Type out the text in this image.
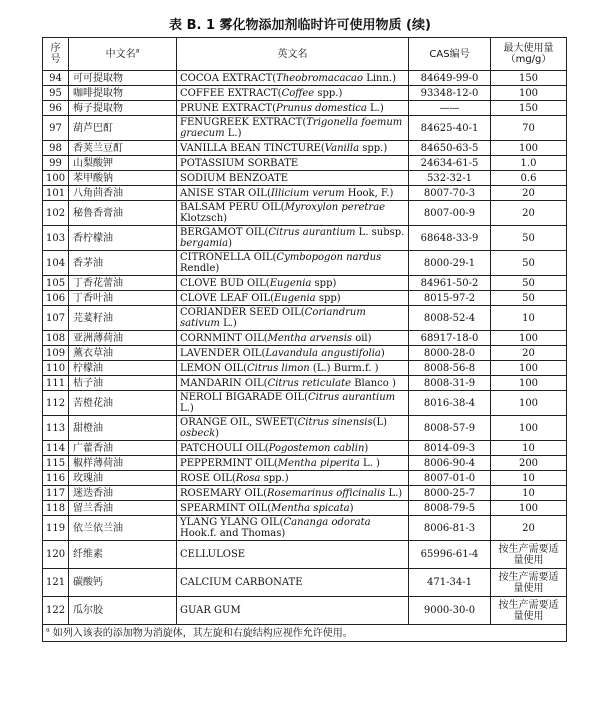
表 B. 1 雾化物添加剂临时许可使用物质 (续)
序号	中文名$^a$	英文名	CAS编号	最大使用量
（mg/g）
94	可可提取物	COCOA EXTRACT(Theobromacacao Linn.)	84649-99-0	150
95	咖啡提取物	COFFEE EXTRACT(Coffee spp.)	93348-12-0	100
96	梅子提取物	PRUNE EXTRACT(Prunus domestica L.)	——	150
97	葫芦巴酊	FENUGREEK EXTRACT(Trigonella foemum graecum L.)	84625-40-1	70
98	香荚兰豆酊	VANILLA BEAN TINCTURE(Vanilla spp.)	84650-63-5	100
99	山梨酸钾	POTASSIUM SORBATE	24634-61-5	1.0
100	苯甲酸钠	SODIUM BENZOATE	532-32-1	0.6
101	八角茴香油	ANISE STAR OIL(Illicium verum Hook, F.)	8007-70-3	20
102	秘鲁香膏油	BALSAM PERU OIL(Myroxylon peretrae Klotzsch)	8007-00-9	20
103	香柠檬油	BERGAMOT OIL(Citrus aurantium L. subsp. bergamia)	68648-33-9	50
104	香茅油	CITRONELLA OIL(Cymbopogon nardus Rendle)	8000-29-1	50
105	丁香花蕾油	CLOVE BUD OIL(Eugenia spp)	84961-50-2	50
106	丁香叶油	CLOVE LEAF OIL(Eugenia spp)	8015-97-2	50
107	芫荽籽油	CORIANDER SEED OIL(Coriandrum sativum L.)	8008-52-4	10
108	亚洲薄荷油	CORNMINT OIL(Mentha arvensis oil)	68917-18-0	100
109	薰衣草油	LAVENDER OIL(Lavandula angustifolia)	8000-28-0	20
110	柠檬油	LEMON OIL(Citrus limon (L.) Burm.f. )	8008-56-8	100
111	桔子油	MANDARIN OIL(Citrus reticulate Blanco )	8008-31-9	100
112	苦橙花油	NEROLI BIGARADE OIL(Citrus aurantium L.)	8016-38-4	100
113	甜橙油	ORANGE OIL, SWEET(Citrus sinensis(L) osbeck)	8008-57-9	100
114	广藿香油	PATCHOULI OIL(Pogostemon cablin)	8014-09-3	10
115	椒样薄荷油	PEPPERMINT OIL(Mentha piperita L. )	8006-90-4	200
116	玫瑰油	ROSE OIL(Rosa spp.)	8007-01-0	10
117	迷迭香油	ROSEMARY OIL(Rosemarinus officinalis L.)	8000-25-7	10
118	留兰香油	SPEARMINT OIL(Mentha spicata)	8008-79-5	100
119	依兰依兰油	YLANG YLANG OIL(Cananga odorata Hook.f. and Thomas)	8006-81-3	20
120	纤维素	CELLULOSE	65996-61-4	按生产需要适量使用
121	碳酸钙	CALCIUM CARBONATE	471-34-1	按生产需要适量使用
122	瓜尔胶	GUAR GUM	9000-30-0	按生产需要适量使用
$^a$ 如列入该表的添加物为消旋体，其左旋和右旋结构应视作允许使用。				
